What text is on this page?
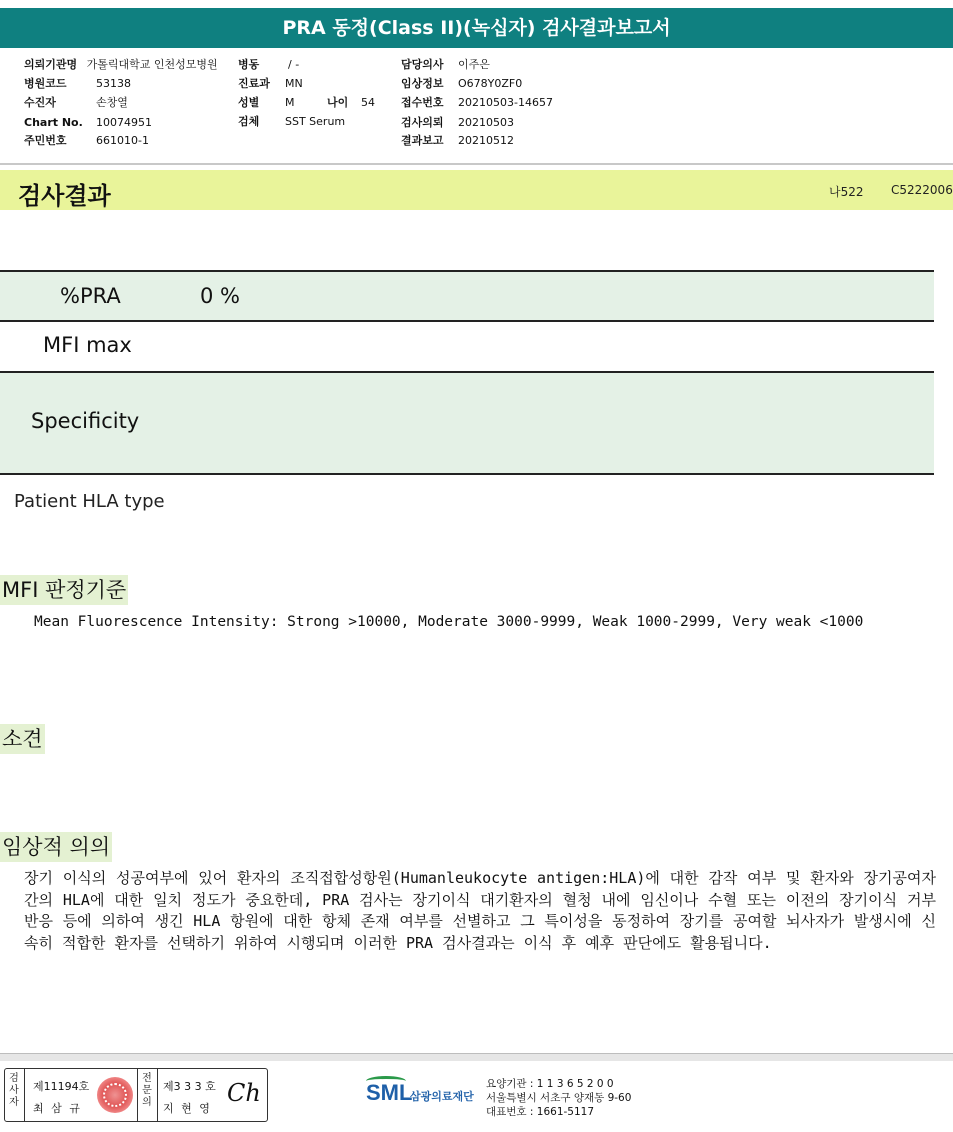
PRA 동정(Class II)(녹십자) 검사결과보고서
의뢰기관명 가톨릭대학교 인천성모병원
병원코드	53138
수진자	손창열
Chart No. 10074951
주민번호	661010-1
병동	/ -
진료과 MN
성별 M	나이 54
검체 SST Serum
담당의사 이주은
임상정보 O678Y0ZF0
접수번호 20210503-14657
검사의뢰 20210503
결과보고 20210512
검사결과	나522 C5222006
%PRA	0 %
MFI max
Specificity
Patient HLA type
MFI 판정기준
Mean Fluorescence Intensity: Strong >10000, Moderate 3000-9999, Weak 1000-2999, Very weak <1000
소견
임상적 의의
장기 이식의 성공여부에 있어 환자의 조직접합성항원(Humanleukocyte antigen:HLA)에 대한 감작 여부 및 환자와 장기공여자간의 HLA에 대한 일치 정도가 중요한데, PRA 검사는 장기이식 대기환자의 혈청 내에 임신이나 수혈 또는 이전의 장기이식 거부반응 등에 의하여 생긴 HLA 항원에 대한 항체 존재 여부를 선별하고 그 특이성을 동정하여 장기를 공여할 뇌사자가 발생시에 신속히 적합한 환자를 선택하기 위하여 시행되며 이러한 PRA 검사결과는 이식 후 예후 판단에도 활용됩니다.
검사자
제11194호
최 삼 규
전문의
제3 3 3 호
지 현 영
Ch	SML
삼광의료재단
요양기관 : 1 1 3 6 5 2 0 0
서울특별시 서초구 양재동 9-60
대표번호 : 1661-5117
